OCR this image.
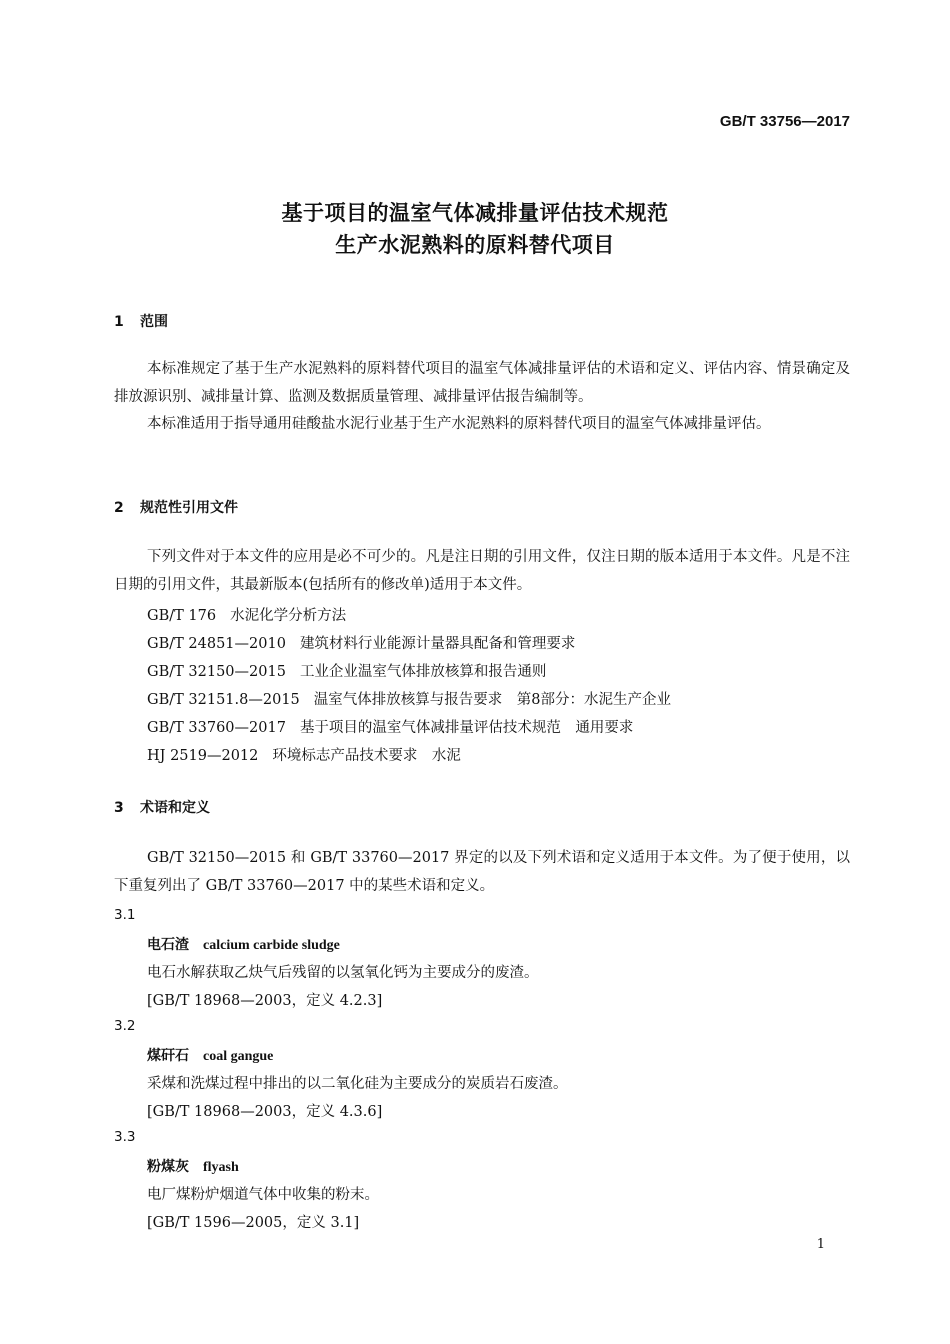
GB/T 33756—2017
基于项目的温室气体减排量评估技术规范
生产水泥熟料的原料替代项目
1 范围
本标准规定了基于生产水泥熟料的原料替代项目的温室气体减排量评估的术语和定义、评估内容、情景确定及排放源识别、减排量计算、监测及数据质量管理、减排量评估报告编制等。
本标准适用于指导通用硅酸盐水泥行业基于生产水泥熟料的原料替代项目的温室气体减排量评估。
2 规范性引用文件
下列文件对于本文件的应用是必不可少的。凡是注日期的引用文件，仅注日期的版本适用于本文件。凡是不注日期的引用文件，其最新版本(包括所有的修改单)适用于本文件。
GB/T 176 水泥化学分析方法
GB/T 24851—2010 建筑材料行业能源计量器具配备和管理要求
GB/T 32150—2015 工业企业温室气体排放核算和报告通则
GB/T 32151.8—2015 温室气体排放核算与报告要求　第8部分：水泥生产企业
GB/T 33760—2017 基于项目的温室气体减排量评估技术规范　通用要求
HJ 2519—2012 环境标志产品技术要求　水泥
3 术语和定义
GB/T 32150—2015 和 GB/T 33760—2017 界定的以及下列术语和定义适用于本文件。为了便于使用，以下重复列出了 GB/T 33760—2017 中的某些术语和定义。
3.1
电石渣 calcium carbide sludge
电石水解获取乙炔气后残留的以氢氧化钙为主要成分的废渣。
[GB/T 18968—2003，定义 4.2.3]
3.2
煤矸石 coal gangue
采煤和洗煤过程中排出的以二氧化硅为主要成分的炭质岩石废渣。
[GB/T 18968—2003，定义 4.3.6]
3.3
粉煤灰 flyash
电厂煤粉炉烟道气体中收集的粉末。
[GB/T 1596—2005，定义 3.1]
1
